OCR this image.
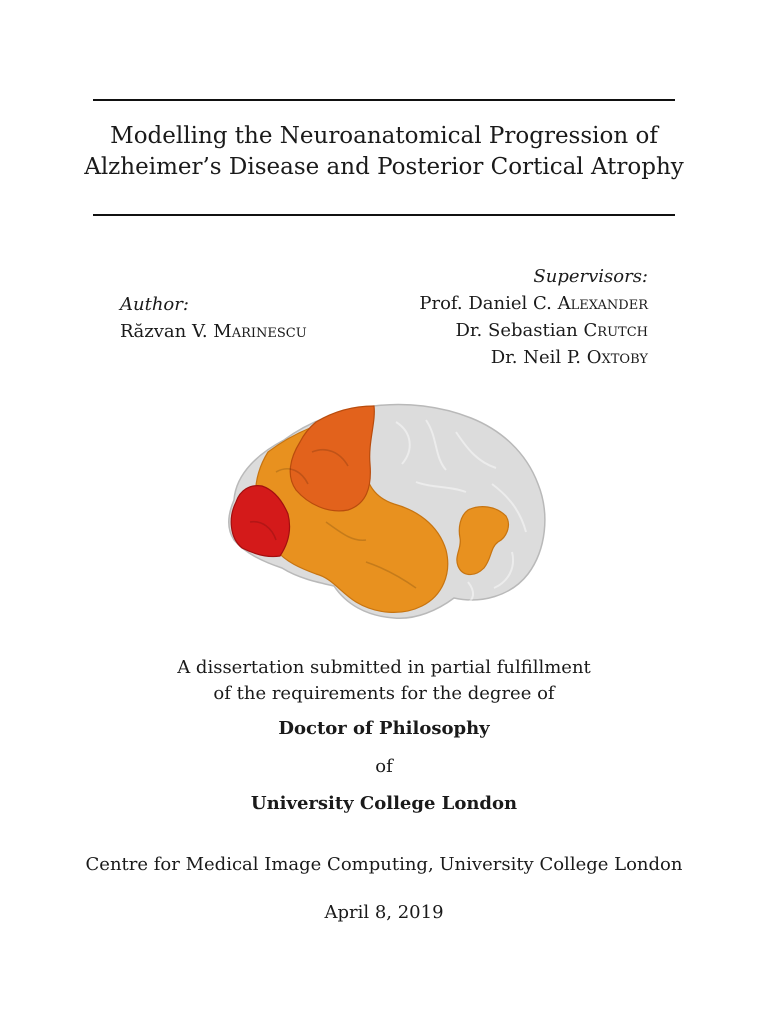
Modelling the Neuroanatomical Progression of
Alzheimer’s Disease and Posterior Cortical Atrophy
Author:
Răzvan V. Marinescu
Supervisors:
Prof. Daniel C. Alexander
Dr. Sebastian Crutch
Dr. Neil P. Oxtoby
A dissertation submitted in partial fulfillment
of the requirements for the degree of
Doctor of Philosophy
of
University College London
Centre for Medical Image Computing, University College London
April 8, 2019
